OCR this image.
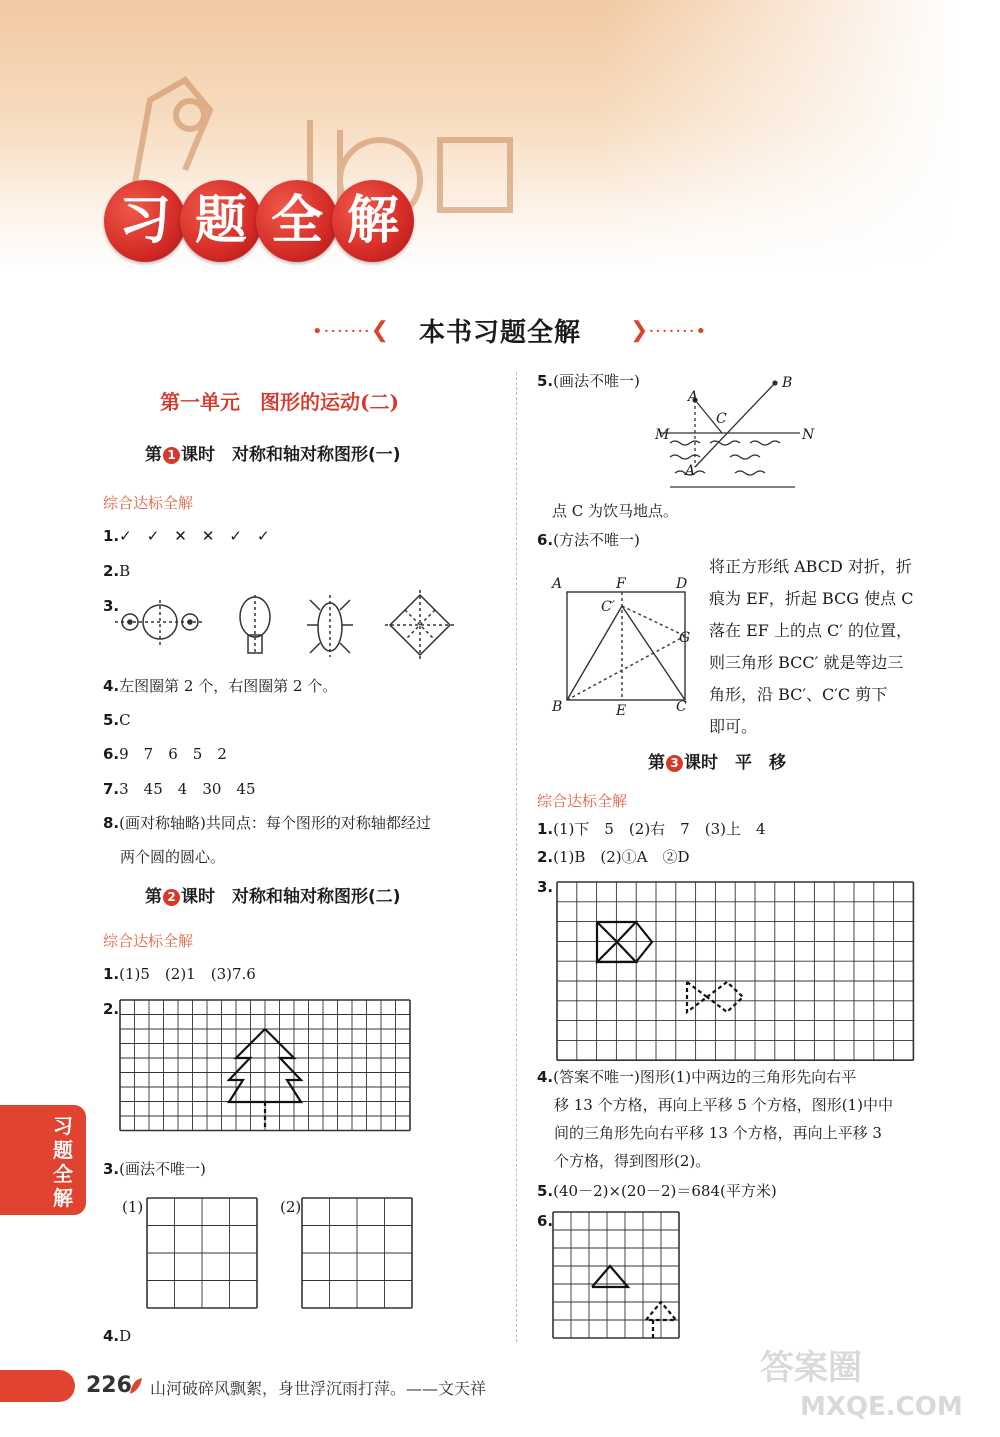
习 题 全 解
•·······❮	本书习题全解	❯·······•
第一单元　图形的运动(二)
第 1 课时　对称和轴对称图形(一)
综合达标全解
1.✓　✓　✕　✕　✓　✓
2.B
3.
4.左图圈第 2 个，右图圈第 2 个。
5.C
6.9　7　6　5　2
7.3　45　4　30　45
8.(画对称轴略)共同点：每个图形的对称轴都经过
两个圆的圆心。
第 2 课时　对称和轴对称图形(二)
综合达标全解
1.(1)5　(2)1　(3)7.6
2.
3.(画法不唯一)
(1)	(2)
4.D
5.(画法不唯一)
A
B
C
M	N
A′
点 C 为饮马地点。
6.(方法不唯一)
A	F	D
C′
G
B	E	C
将正方形纸 ABCD 对折，折
痕为 EF，折起 BCG 使点 C
落在 EF 上的点 C′ 的位置，
则三角形 BCC′ 就是等边三
角形，沿 BC′、C′C 剪下
即可。
第 3 课时　平　移
综合达标全解
1.(1)下　5　(2)右　7　(3)上　4
2.(1)B　(2)①A　②D
3.
4.(答案不唯一)图形(1)中两边的三角形先向右平
移 13 个方格，再向上平移 5 个方格，图形(1)中中
间的三角形先向右平移 13 个方格，再向上平移 3
个方格，得到图形(2)。
5.(40－2)×(20－2)＝684(平方米)
6.
习题全解
226 山河破碎风飘絮，身世浮沉雨打萍。——文天祥
答案圈
MXQE.COM
